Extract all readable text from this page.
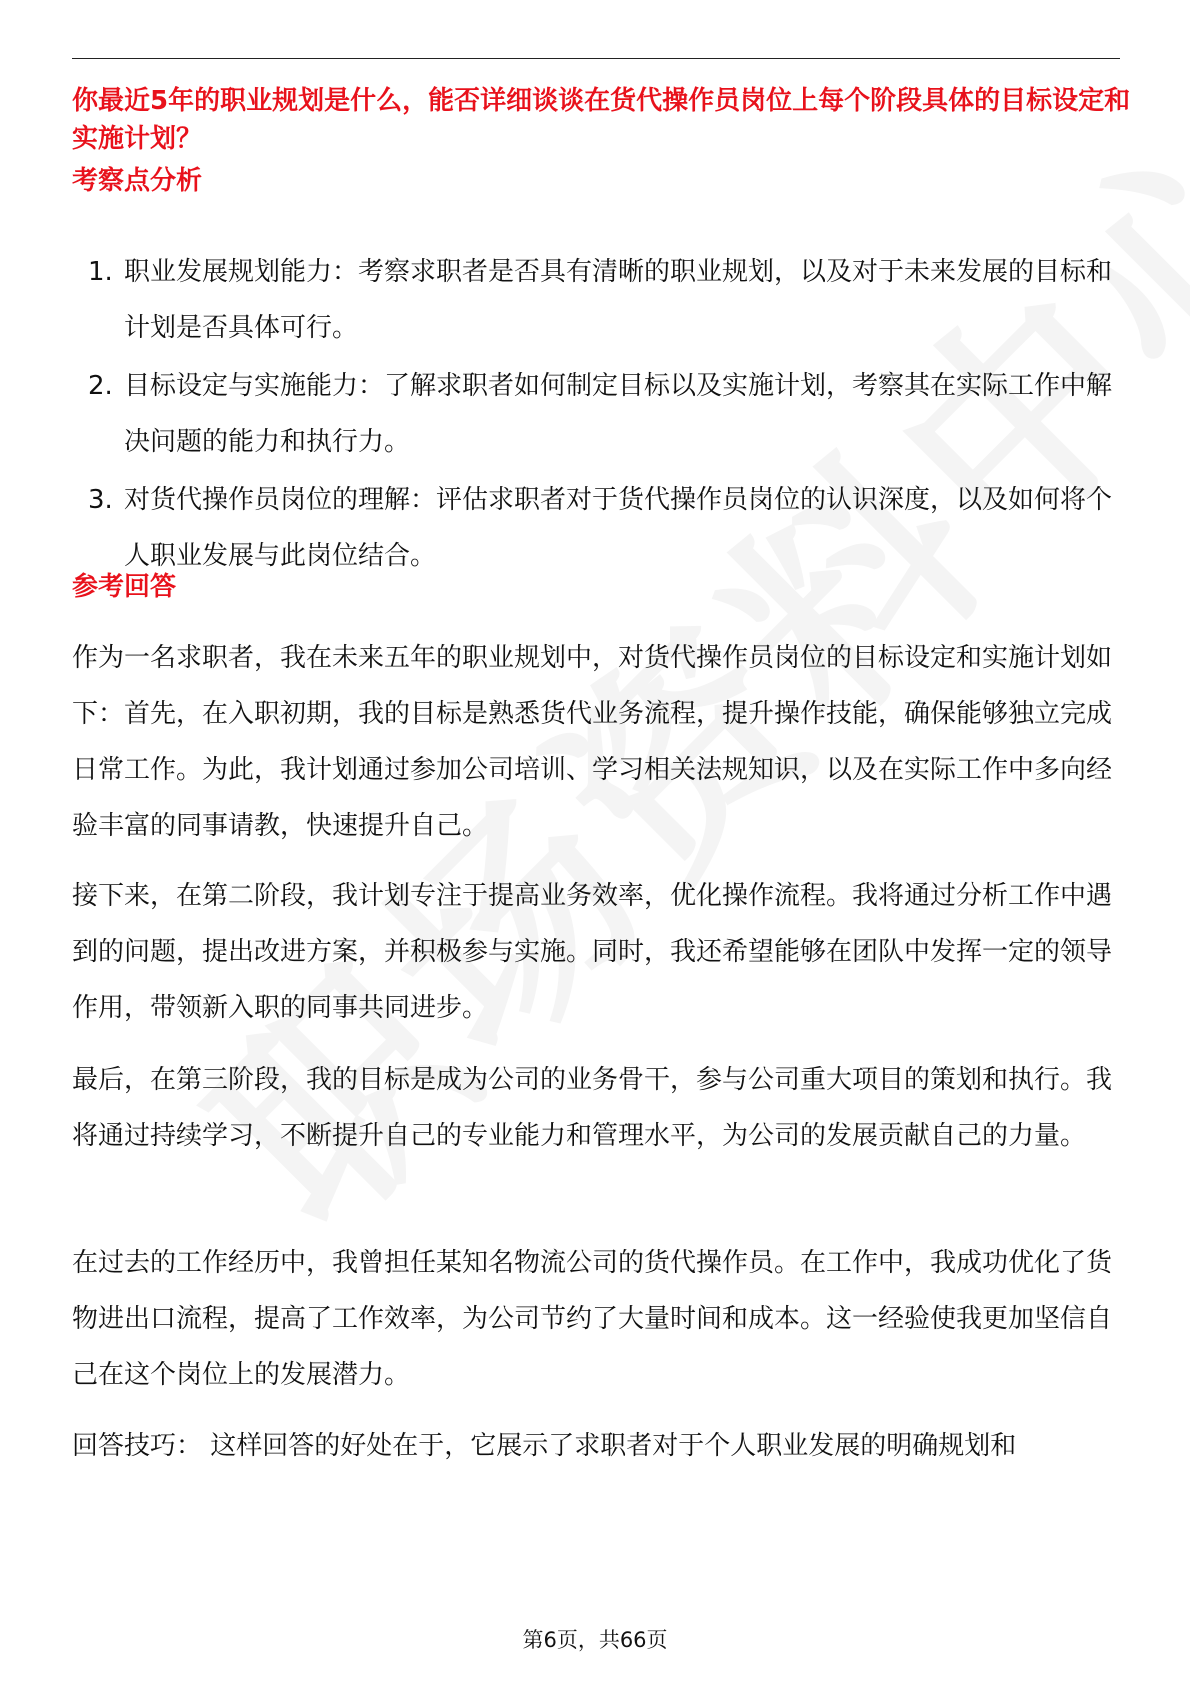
你最近5年的职业规划是什么，能否详细谈谈在货代操作员岗位上每个阶段具体的目标设定和实施计划？
考察点分析
1. 职业发展规划能力：考察求职者是否具有清晰的职业规划，以及对于未来发展的目标和计划是否具体可行。
2. 目标设定与实施能力：了解求职者如何制定目标以及实施计划，考察其在实际工作中解决问题的能力和执行力。
3. 对货代操作员岗位的理解：评估求职者对于货代操作员岗位的认识深度，以及如何将个人职业发展与此岗位结合。
参考回答

作为一名求职者，我在未来五年的职业规划中，对货代操作员岗位的目标设定和实施计划如下：首先，在入职初期，我的目标是熟悉货代业务流程，提升操作技能，确保能够独立完成日常工作。为此，我计划通过参加公司培训、学习相关法规知识，以及在实际工作中多向经验丰富的同事请教，快速提升自己。

接下来，在第二阶段，我计划专注于提高业务效率，优化操作流程。我将通过分析工作中遇到的问题，提出改进方案，并积极参与实施。同时，我还希望能够在团队中发挥一定的领导作用，带领新入职的同事共同进步。

最后，在第三阶段，我的目标是成为公司的业务骨干，参与公司重大项目的策划和执行。我将通过持续学习，不断提升自己的专业能力和管理水平，为公司的发展贡献自己的力量。

在过去的工作经历中，我曾担任某知名物流公司的货代操作员。在工作中，我成功优化了货物进出口流程，提高了工作效率，为公司节约了大量时间和成本。这一经验使我更加坚信自己在这个岗位上的发展潜力。

回答技巧： 这样回答的好处在于，它展示了求职者对于个人职业发展的明确规划和

第6页，共66页
